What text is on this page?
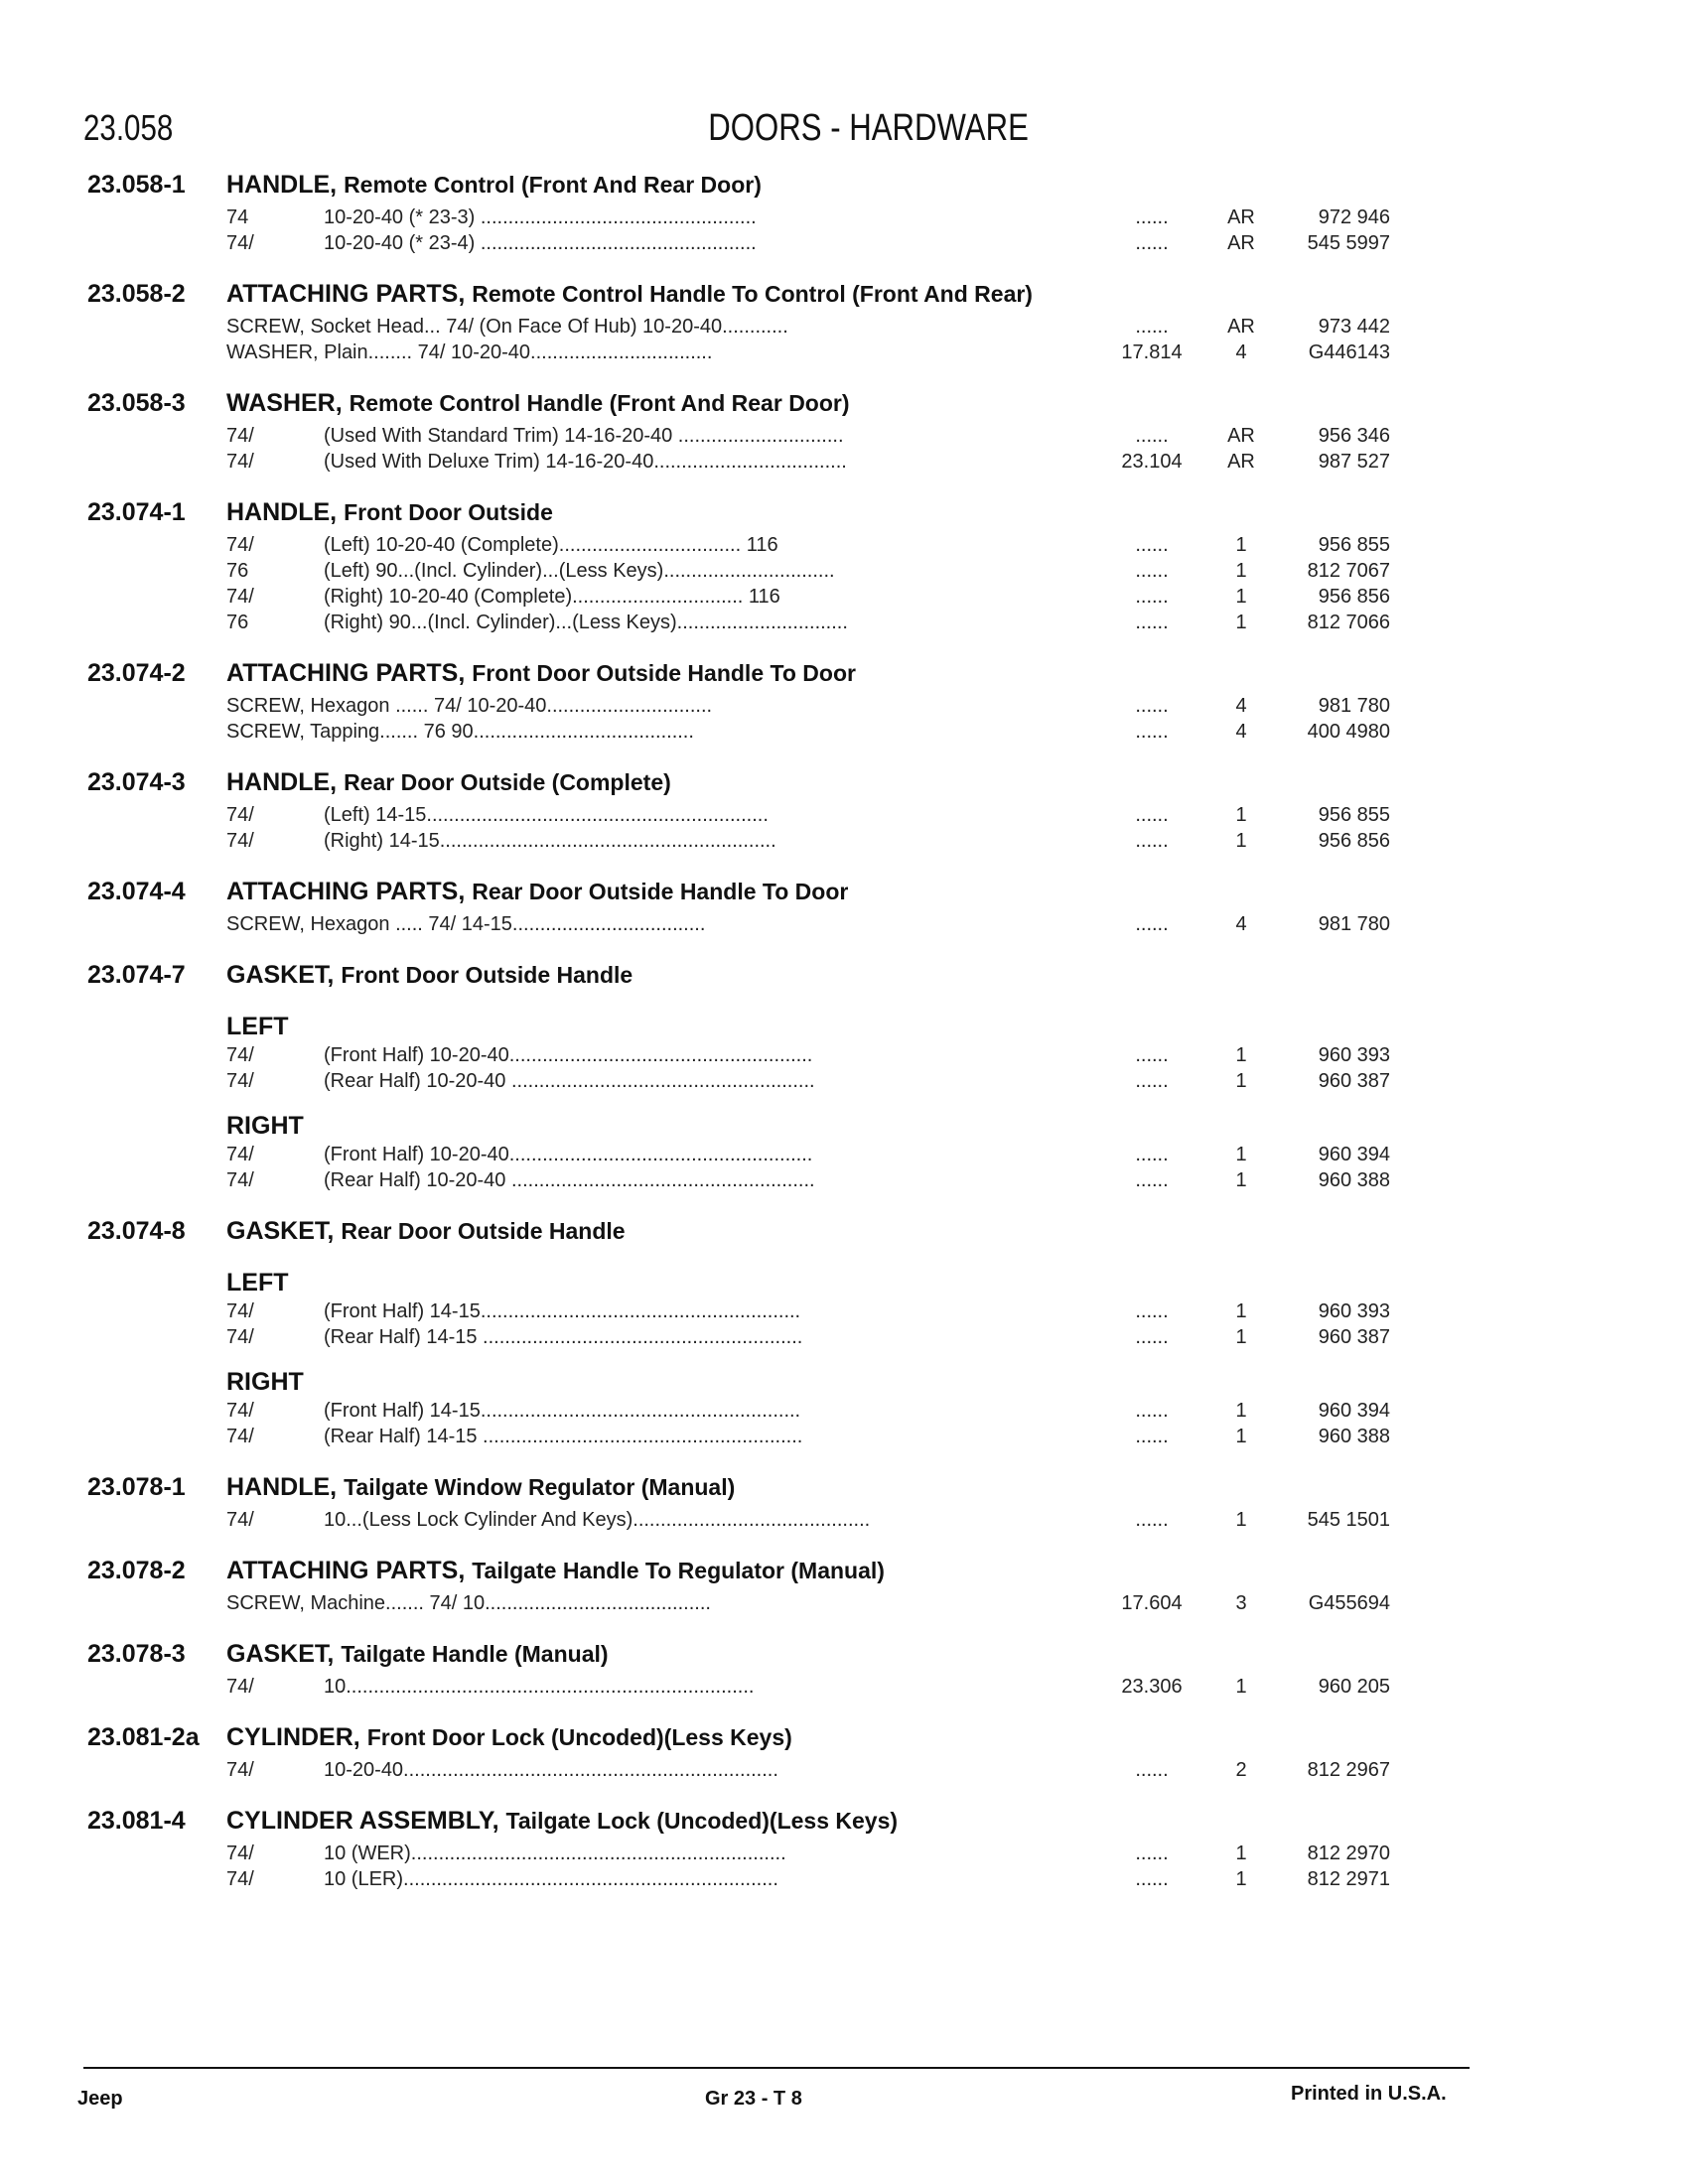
23.058	DOORS - HARDWARE
23.058-1 HANDLE, Remote Control (Front And Rear Door)
74	10-20-40 (* 23-3) ..................................................	......	AR	972 946
74/	10-20-40 (* 23-4) ..................................................	......	AR	545 5997
23.058-2 ATTACHING PARTS, Remote Control Handle To Control (Front And Rear)
SCREW, Socket Head... 74/ (On Face Of Hub) 10-20-40............	......	AR	973 442
WASHER, Plain........ 74/ 10-20-40.................................	17.814	4	G446143
23.058-3 WASHER, Remote Control Handle (Front And Rear Door)
74/	(Used With Standard Trim) 14-16-20-40 ..............................	......	AR	956 346
74/	(Used With Deluxe Trim) 14-16-20-40...................................	23.104	AR	987 527
23.074-1 HANDLE, Front Door Outside
74/	(Left) 10-20-40 (Complete)................................. 116	......	1	956 855
76	(Left) 90...(Incl. Cylinder)...(Less Keys)...............................	......	1	812 7067
74/	(Right) 10-20-40 (Complete)............................... 116	......	1	956 856
76	(Right) 90...(Incl. Cylinder)...(Less Keys)...............................	......	1	812 7066
23.074-2 ATTACHING PARTS, Front Door Outside Handle To Door
SCREW, Hexagon ...... 74/ 10-20-40..............................	......	4	981 780
SCREW, Tapping....... 76 90........................................	......	4	400 4980
23.074-3 HANDLE, Rear Door Outside (Complete)
74/	(Left) 14-15..............................................................	......	1	956 855
74/	(Right) 14-15.............................................................	......	1	956 856
23.074-4 ATTACHING PARTS, Rear Door Outside Handle To Door
SCREW, Hexagon ..... 74/ 14-15...................................	......	4	981 780
23.074-7 GASKET, Front Door Outside Handle
LEFT
74/	(Front Half) 10-20-40.......................................................	......	1	960 393
74/	(Rear Half) 10-20-40 .......................................................	......	1	960 387
RIGHT
74/	(Front Half) 10-20-40.......................................................	......	1	960 394
74/	(Rear Half) 10-20-40 .......................................................	......	1	960 388
23.074-8 GASKET, Rear Door Outside Handle
LEFT
74/	(Front Half) 14-15..........................................................	......	1	960 393
74/	(Rear Half) 14-15 ..........................................................	......	1	960 387
RIGHT
74/	(Front Half) 14-15..........................................................	......	1	960 394
74/	(Rear Half) 14-15 ..........................................................	......	1	960 388
23.078-1 HANDLE, Tailgate Window Regulator (Manual)
74/	10...(Less Lock Cylinder And Keys)...........................................	......	1	545 1501
23.078-2 ATTACHING PARTS, Tailgate Handle To Regulator (Manual)
SCREW, Machine....... 74/ 10.........................................	17.604	3	G455694
23.078-3 GASKET, Tailgate Handle (Manual)
74/	10..........................................................................	23.306	1	960 205
23.081-2a CYLINDER, Front Door Lock (Uncoded)(Less Keys)
74/	10-20-40....................................................................	......	2	812 2967
23.081-4 CYLINDER ASSEMBLY, Tailgate Lock (Uncoded)(Less Keys)
74/	10 (WER)....................................................................	......	1	812 2970
74/	10 (LER)....................................................................	......	1	812 2971
Jeep	Gr 23 - T 8	Printed in U.S.A.
